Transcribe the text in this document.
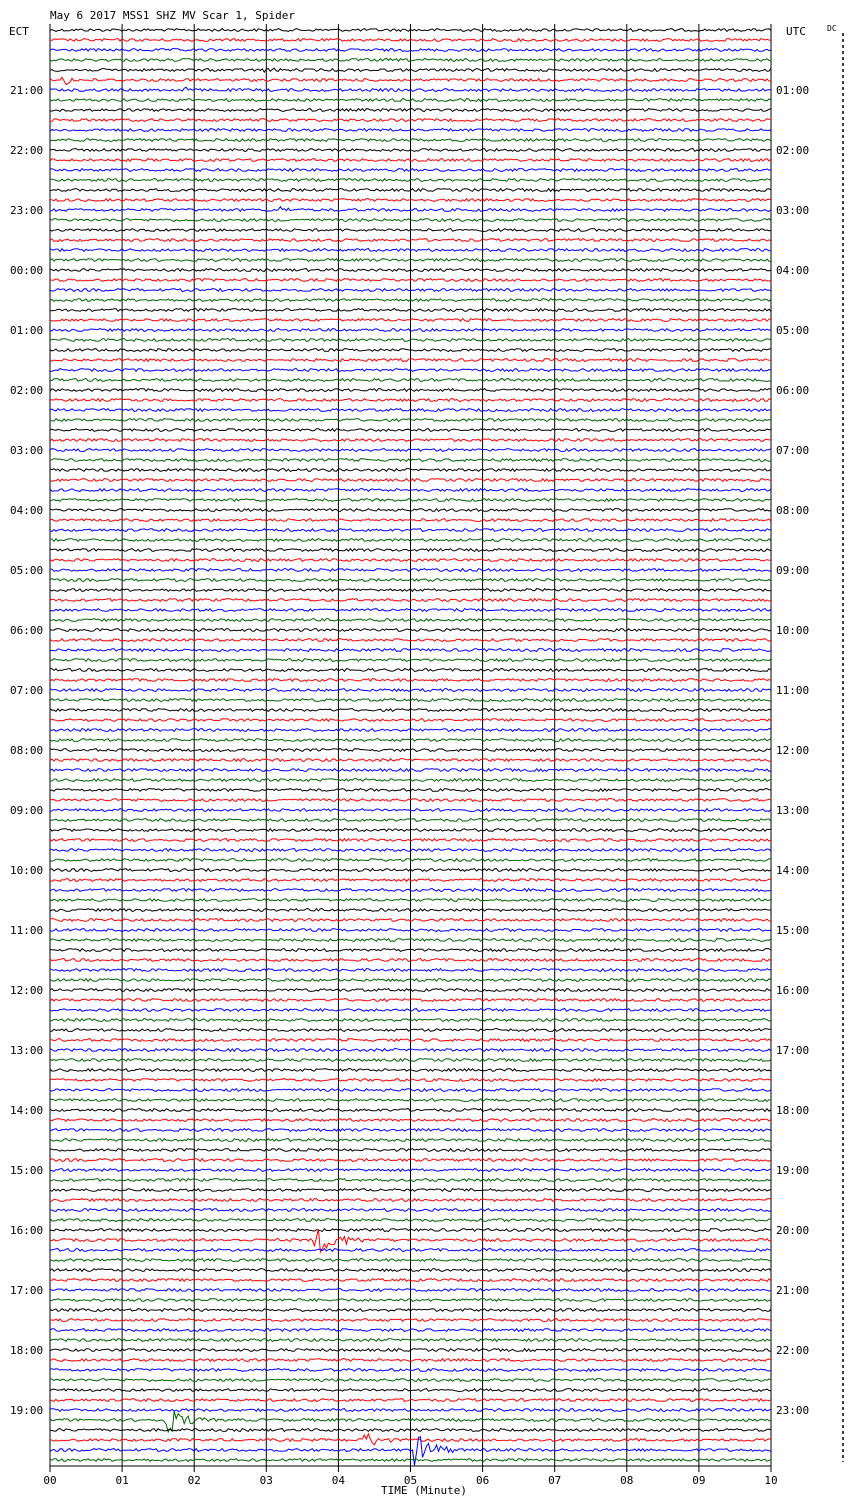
May 6 2017 MSS1 SHZ MV Scar 1, Spider
ECT	UTC	DC
21:00
22:00
23:00
00:00
01:00
02:00
03:00
04:00
05:00
06:00
07:00
08:00
09:00
10:00
11:00
12:00
13:00
14:00
15:00
16:00
17:00
18:00
19:00
01:00
02:00
03:00
04:00
05:00
06:00
07:00
08:00
09:00
10:00
11:00
12:00
13:00
14:00
15:00
16:00
17:00
18:00
19:00
20:00
21:00
22:00
23:00
00	01	02	03	04	05	06	07	08	09	10
TIME (Minute)
